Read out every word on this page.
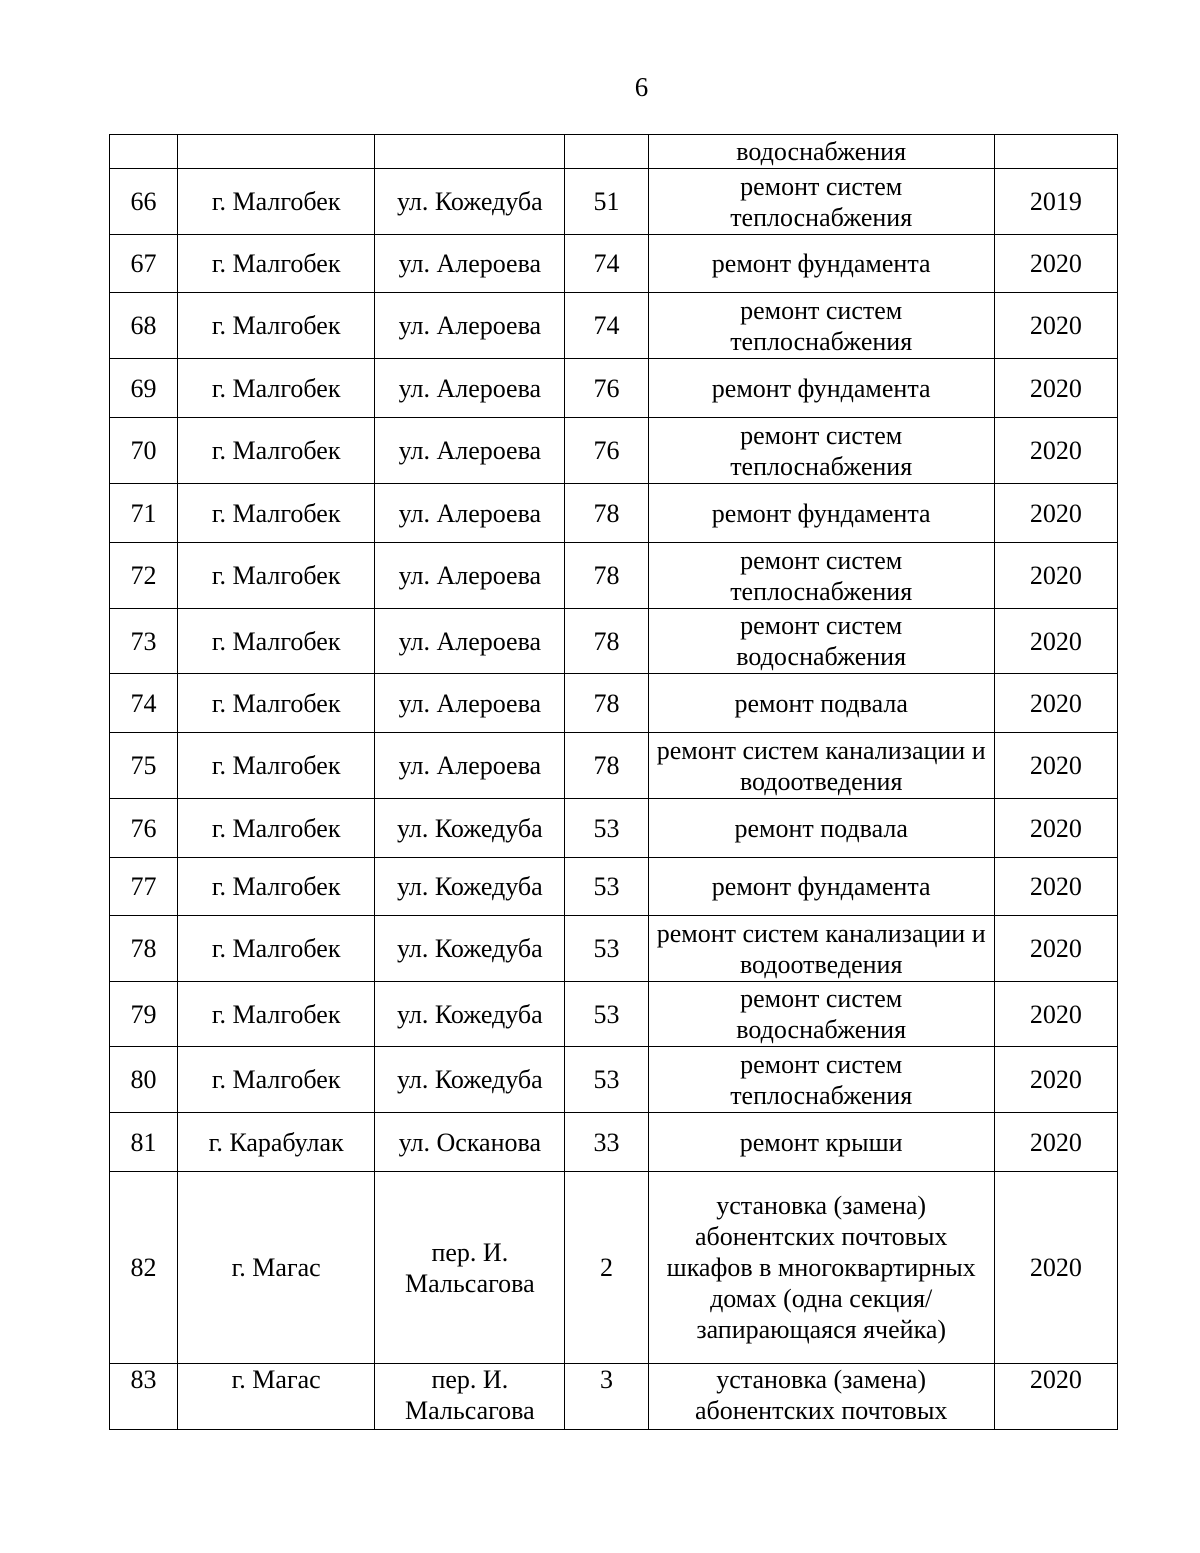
6
				водоснабжения	
66	г. Малгобек	ул. Кожедуба	51	ремонт систем теплоснабжения	2019
67	г. Малгобек	ул. Алероева	74	ремонт фундамента	2020
68	г. Малгобек	ул. Алероева	74	ремонт систем теплоснабжения	2020
69	г. Малгобек	ул. Алероева	76	ремонт фундамента	2020
70	г. Малгобек	ул. Алероева	76	ремонт систем теплоснабжения	2020
71	г. Малгобек	ул. Алероева	78	ремонт фундамента	2020
72	г. Малгобек	ул. Алероева	78	ремонт систем теплоснабжения	2020
73	г. Малгобек	ул. Алероева	78	ремонт систем водоснабжения	2020
74	г. Малгобек	ул. Алероева	78	ремонт подвала	2020
75	г. Малгобек	ул. Алероева	78	ремонт систем канализации и водоотведения	2020
76	г. Малгобек	ул. Кожедуба	53	ремонт подвала	2020
77	г. Малгобек	ул. Кожедуба	53	ремонт фундамента	2020
78	г. Малгобек	ул. Кожедуба	53	ремонт систем канализации и водоотведения	2020
79	г. Малгобек	ул. Кожедуба	53	ремонт систем водоснабжения	2020
80	г. Малгобек	ул. Кожедуба	53	ремонт систем теплоснабжения	2020
81	г. Карабулак	ул. Осканова	33	ремонт крыши	2020
82	г. Магас	пер. И. Мальсагова	2	установка (замена) абонентских почтовых шкафов в многоквартирных домах (одна секция/запирающаяся ячейка)	2020
83	г. Магас	пер. И. Мальсагова	3	установка (замена) абонентских почтовых	2020
